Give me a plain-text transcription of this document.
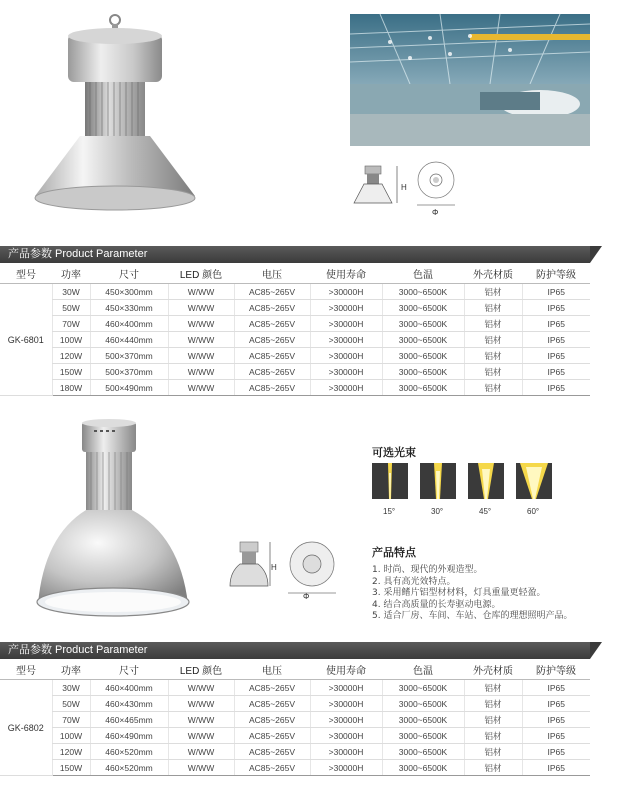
H
Φ
产品参数 Product Parameter
型号	功率	尺寸	LED 颜色	电压	使用寿命	色温	外壳材质	防护等级
GK-6801	30W	450×300mm	W/WW	AC85~265V	>30000H	3000~6500K	铝材	IP65
	50W	450×330mm	W/WW	AC85~265V	>30000H	3000~6500K	铝材	IP65
	70W	460×400mm	W/WW	AC85~265V	>30000H	3000~6500K	铝材	IP65
	100W	460×440mm	W/WW	AC85~265V	>30000H	3000~6500K	铝材	IP65
	120W	500×370mm	W/WW	AC85~265V	>30000H	3000~6500K	铝材	IP65
	150W	500×370mm	W/WW	AC85~265V	>30000H	3000~6500K	铝材	IP65
	180W	500×490mm	W/WW	AC85~265V	>30000H	3000~6500K	铝材	IP65
H
Φ
可选光束
15°	30°	45°	60°
产品特点
1. 时尚、现代的外观造型。
2. 具有高光效特点。
3. 采用鳍片铝型材材料，灯具重量更轻盈。
4. 结合高质量的长寿驱动电源。
5. 适合厂房、车间、车站、仓库的理想照明产品。
产品参数 Product Parameter
型号	功率	尺寸	LED 颜色	电压	使用寿命	色温	外壳材质	防护等级
GK-6802	30W	460×400mm	W/WW	AC85~265V	>30000H	3000~6500K	铝材	IP65
	50W	460×430mm	W/WW	AC85~265V	>30000H	3000~6500K	铝材	IP65
	70W	460×465mm	W/WW	AC85~265V	>30000H	3000~6500K	铝材	IP65
	100W	460×490mm	W/WW	AC85~265V	>30000H	3000~6500K	铝材	IP65
	120W	460×520mm	W/WW	AC85~265V	>30000H	3000~6500K	铝材	IP65
	150W	460×520mm	W/WW	AC85~265V	>30000H	3000~6500K	铝材	IP65
